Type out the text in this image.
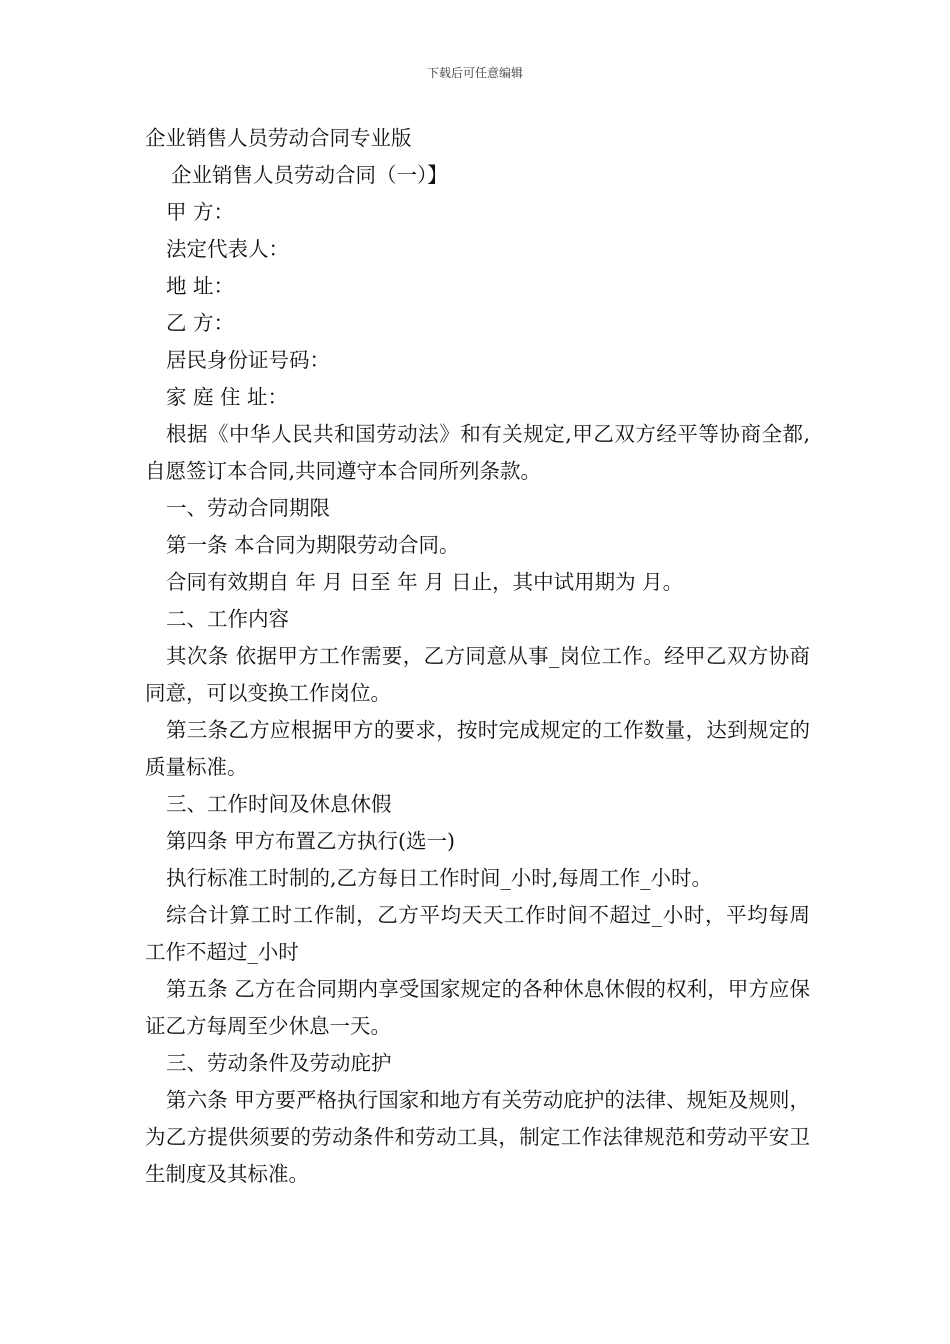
下载后可任意编辑
企业销售人员劳动合同专业版
企业销售人员劳动合同（一）】
甲 方：
法定代表人：
地 址：
乙 方：
居民身份证号码：
家 庭 住 址：
根据《中华人民共和国劳动法》和有关规定,甲乙双方经平等协商全都,自愿签订本合同,共同遵守本合同所列条款。
一、劳动合同期限
第一条 本合同为期限劳动合同。
合同有效期自 年 月 日至 年 月 日止，其中试用期为 月。
二、工作内容
其次条 依据甲方工作需要，乙方同意从事_岗位工作。经甲乙双方协商同意，可以变换工作岗位。
第三条乙方应根据甲方的要求，按时完成规定的工作数量，达到规定的质量标准。
三、工作时间及休息休假
第四条 甲方布置乙方执行(选一)
执行标准工时制的,乙方每日工作时间_小时,每周工作_小时。
综合计算工时工作制，乙方平均天天工作时间不超过_小时，平均每周工作不超过_小时
第五条 乙方在合同期内享受国家规定的各种休息休假的权利，甲方应保证乙方每周至少休息一天。
三、劳动条件及劳动庇护
第六条 甲方要严格执行国家和地方有关劳动庇护的法律、规矩及规则，为乙方提供须要的劳动条件和劳动工具，制定工作法律规范和劳动平安卫生制度及其标准。
